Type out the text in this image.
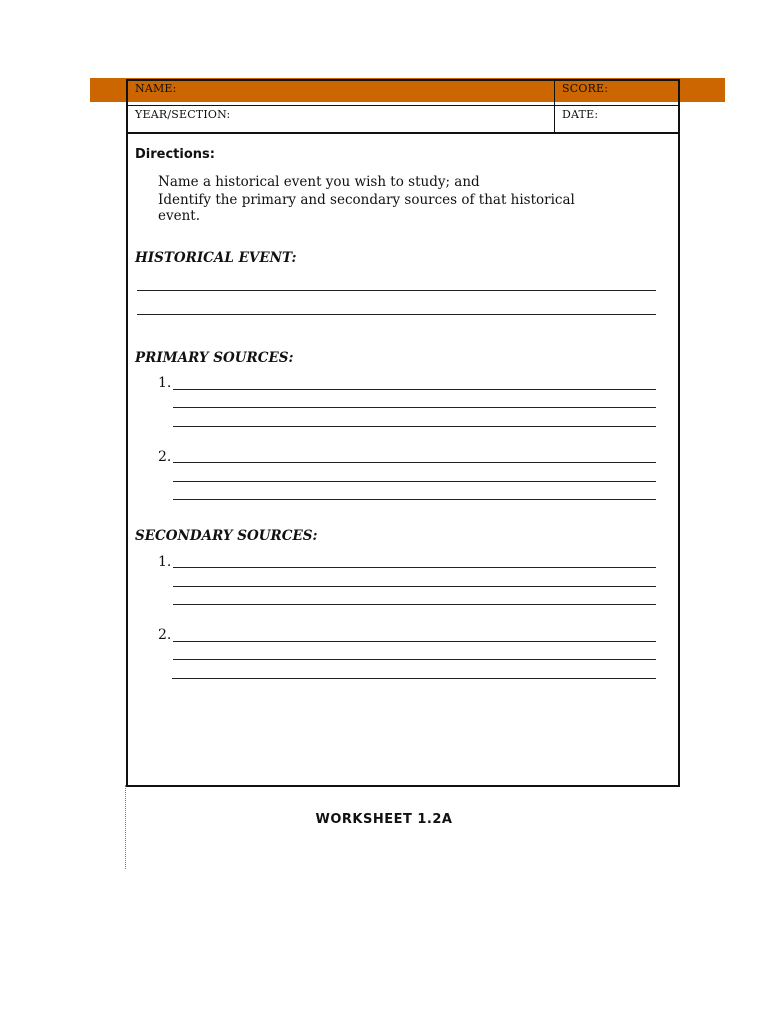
NAME:	SCORE:
YEAR/SECTION:	DATE:
Directions:
Name a historical event you wish to study; and
Identify the primary and secondary sources of that historical
event.
HISTORICAL EVENT:
PRIMARY SOURCES:
1.
2.
SECONDARY SOURCES:
1.
2.
WORKSHEET 1.2A
